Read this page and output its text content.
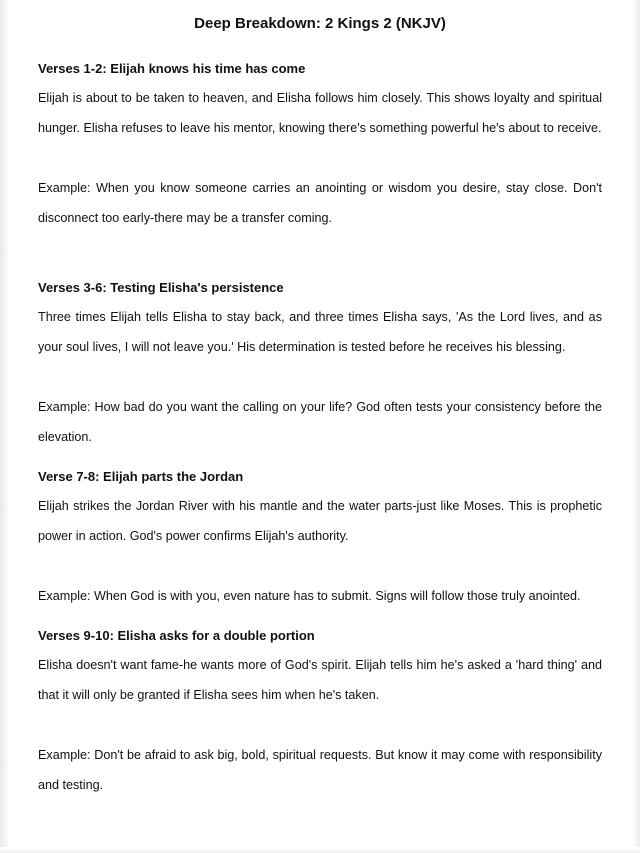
Deep Breakdown: 2 Kings 2 (NKJV)
Verses 1-2: Elijah knows his time has come

Elijah is about to be taken to heaven, and Elisha follows him closely. This shows loyalty and spiritual hunger. Elisha refuses to leave his mentor, knowing there's something powerful he's about to receive.

Example: When you know someone carries an anointing or wisdom you desire, stay close. Don't disconnect too early-there may be a transfer coming.

Verses 3-6: Testing Elisha's persistence

Three times Elijah tells Elisha to stay back, and three times Elisha says, 'As the Lord lives, and as your soul lives, I will not leave you.' His determination is tested before he receives his blessing.

Example: How bad do you want the calling on your life? God often tests your consistency before the elevation.

Verse 7-8: Elijah parts the Jordan

Elijah strikes the Jordan River with his mantle and the water parts-just like Moses. This is prophetic power in action. God's power confirms Elijah's authority.

Example: When God is with you, even nature has to submit. Signs will follow those truly anointed.

Verses 9-10: Elisha asks for a double portion

Elisha doesn't want fame-he wants more of God's spirit. Elijah tells him he's asked a 'hard thing' and that it will only be granted if Elisha sees him when he's taken.

Example: Don't be afraid to ask big, bold, spiritual requests. But know it may come with responsibility and testing.
